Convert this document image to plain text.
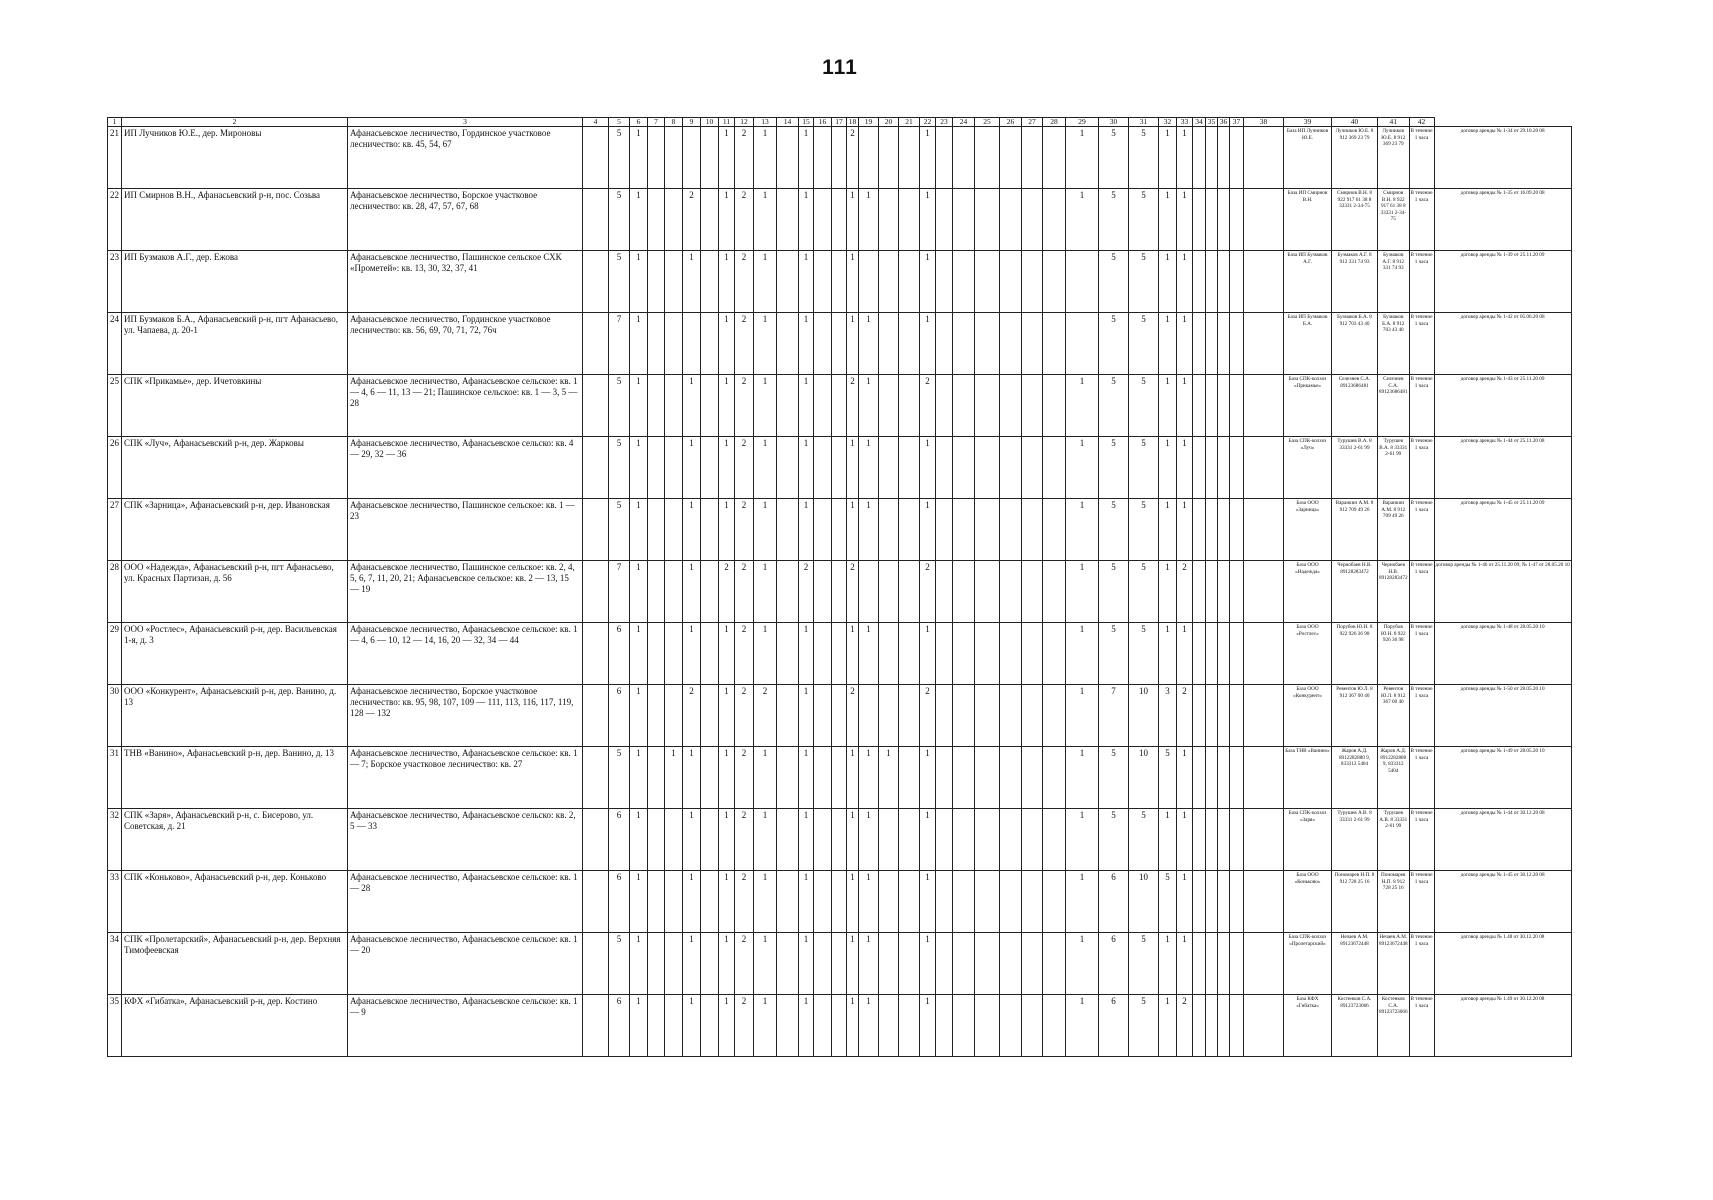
111
1	2	3	4	5	6	7	8	9	10	11	12	13	14	15	16	17	18	19	20	21	22	23	24	25	26	27	28	29	30	31	32	33	34	35	36	37	38	39	40	41	42	
21	ИП Лучников Ю.Е., дер. Мироновы	Афанасьевское лесничество, Гординское участковое лесничество: кв. 45, 54, 67		5	1					1	2	1		1			2				1							1	5	5	1	1						База ИП Лучников Ю.Е.	Лучников Ю.Е. 8 912 369 23 79	Лучников Ю.Е. 8 912 369 23 79	В течение 1 часа	договор аренды № 1-34 от 29.10.20 08
22	ИП Смирнов В.Н., Афанасьевский р-н, пос. Созьва	Афанасьевское лесничество, Борское участковое лесничество: кв. 28, 47, 57, 67, 68		5	1			2		1	2	1		1			1	1			1							1	5	5	1	1						База ИП Смирнов В.Н.	Смирнов В.Н. 8 922 917 61 38 8 33331 2-34-75	Смирнов В.Н. 8 922 917 61 38 8 33331 2-34-75	В течение 1 часа	договор аренды № 1-35 от 16.09.20 08
23	ИП Бузмаков А.Г., дер. Ежова	Афанасьевское лесничество, Пашинское сельское СХК «Прометей»: кв. 13, 30, 32, 37, 41		5	1			1		1	2	1		1			1				1								5	5	1	1						База ИП Бузмаков А.Г.	Бузмаков А.Г. 8 912 331 74 93	Бузмаков А.Г. 8 912 331 74 93	В течение 1 часа	договор аренды № 1-39 от 25.11.20 09
24	ИП Бузмаков Б.А., Афанасьевский р-н, пгт Афанасьево, ул. Чапаева, д. 20-1	Афанасьевское лесничество, Гординское участковое лесничество: кв. 56, 69, 70, 71, 72, 76ч		7	1					1	2	1		1			1	1			1								5	5	1	1						База ИП Бузмаков Б.А.	Бузмаков Б.А. 8 912 703 43 40	Бузмаков Б.А. 8 912 703 43 40	В течение 1 часа	договор аренды № 1-42 от 05.06.20 08
25	СПК «Прикамье», дер. Ичетовкины	Афанасьевское лесничество, Афанасьевское сельское: кв. 1 — 4, 6 — 11, 13 — 21; Пашинское сельское: кв. 1 — 3, 5 — 28		5	1			1		1	2	1		1			2	1			2							1	5	5	1	1						База СПК-колхоз «Прикамье»	Селезнев С.А. 89123686481	Селезнев С.А. 89123686481	В течение 1 часа	договор аренды № 1-43 от 25.11.20 09
26	СПК «Луч», Афанасьевский р-н, дер. Жарковы	Афанасьевское лесничество, Афанасьевское сельско: кв. 4 — 29, 32 — 36		5	1			1		1	2	1		1			1	1			1							1	5	5	1	1						База СПК-колхоз «Луч»	Турушев В.А. 8 33331 2-61 99	Турушев В.А. 8 33331 2-61 99	В течение 1 часа	договор аренды № 1-44 от 25.11.20 08
27	СПК «Зарница», Афанасьевский р-н, дер. Ивановская	Афанасьевское лесничество, Пашинское сельское: кв. 1 — 23		5	1			1		1	2	1		1			1	1			1							1	5	5	1	1						База ООО «Зарница»	Варанкин А.М. 8 912 709 49 26	Варанкин А.М. 8 912 709 49 26	В течение 1 часа	договор аренды № 1-45 от 25.11.20 09
28	ООО «Надежда», Афанасьевский р-н, пгт Афанасьево, ул. Красных Партизан, д. 56	Афанасьевское лесничество, Пашинское сельское: кв. 2, 4, 5, 6, 7, 11, 20, 21; Афанасьевское сельское: кв. 2 — 13, 15 — 19		7	1			1		2	2	1		2			2				2							1	5	5	1	2						База ООО «Надежда»	Чернобаев Н.В. 89128283472	Чернобаев Н.В. 89128283472	В течение 1 часа	договор аренды № 1-46 от 25.11.20 09; № 1-47 от 28.05.20 10
29	ООО «Ростлес», Афанасьевский р-н, дер. Васильевская 1-я, д. 3	Афанасьевское лесничество, Афанасьевское сельское: кв. 1 — 4, 6 — 10, 12 — 14, 16, 20 — 32, 34 — 44		6	1			1		1	2	1		1			1	1			1							1	5	5	1	1						База ООО «Ростлес»	Порубов Ю.Н. 8 922 926 36 98	Порубов Ю.Н. 8 922 926 36 98	В течение 1 часа	договор аренды № 1-48 от 28.05.20 10
30	ООО «Конкурент», Афанасьевский р-н, дер. Ванино, д. 13	Афанасьевское лесничество, Борское участковое лесничество: кв. 95, 98, 107, 109 — 111, 113, 116, 117, 119, 128 — 132		6	1			2		1	2	2		1			2				2							1	7	10	3	2						База ООО «Конкурент»	Ревентов Ю.Л. 8 912 367 00 40	Ревентов Ю.Л. 8 912 367 00 40	В течение 1 часа	договор аренды № 1-50 от 28.05.20 10
31	ТНВ «Ванино», Афанасьевский р-н, дер. Ванино, д. 13	Афанасьевское лесничество, Афанасьевское сельское: кв. 1 — 7; Борское участковое лесничество: кв. 27		5	1		1	1		1	2	1		1			1	1	1		1							1	5	10	5	1						База ТНВ «Ванино»	Жаров А.Д. 8912282880 9, 833312 5404	Жаров А.Д. 8912282880 9, 833312 5404	В течение 1 часа	договор аренды № 1-49 от 28.05.20 10
32	СПК «Заря», Афанасьевский р-н, с. Бисерово, ул. Советская, д. 21	Афанасьевское лесничество, Афанасьевское сельско: кв. 2, 5 — 33		6	1			1		1	2	1		1			1	1			1							1	5	5	1	1						База СПК-колхоз «Заря»	Турушев А.В. 8 33331 2-61 99	Турушев А.В. 8 33331 2-61 99	В течение 1 часа	договор аренды № 1-44 от 30.12.20 08
33	СПК «Коньково», Афанасьевский р-н, дер. Коньково	Афанасьевское лесничество, Афанасьевское сельское: кв. 1 — 28		6	1			1		1	2	1		1			1	1			1							1	6	10	5	1						База ООО «Коньково»	Пономарев Н.П. 8 912 728 25 16	Пономарев Н.П. 8 912 728 25 16	В течение 1 часа	договор аренды № 1-45 от 30.12.20 08
34	СПК «Пролетарский», Афанасьевский р-н, дер. Верхняя Тимофеевская	Афанасьевское лесничество, Афанасьевское сельское: кв. 1 — 20		5	1			1		1	2	1		1			1	1			1							1	6	5	1	1						База СПК-колхоз «Пролетарский»	Нечаев А.М. 89123672448	Нечаев А.М. 89123672448	В течение 1 часа	договор аренды № 1.48 от 30.12.20 08
35	КФХ «Гибатка», Афанасьевский р-н, дер. Костино	Афанасьевское лесничество, Афанасьевское сельское: кв. 1 — 9		6	1			1		1	2	1		1			1	1			1							1	6	5	1	2						База КФХ «Гибатка»	Костенков С.А. 89123723066	Костенков С.А. 89123723066	В течение 1 часа	договор аренды № 1.49 от 30.12.20 08
